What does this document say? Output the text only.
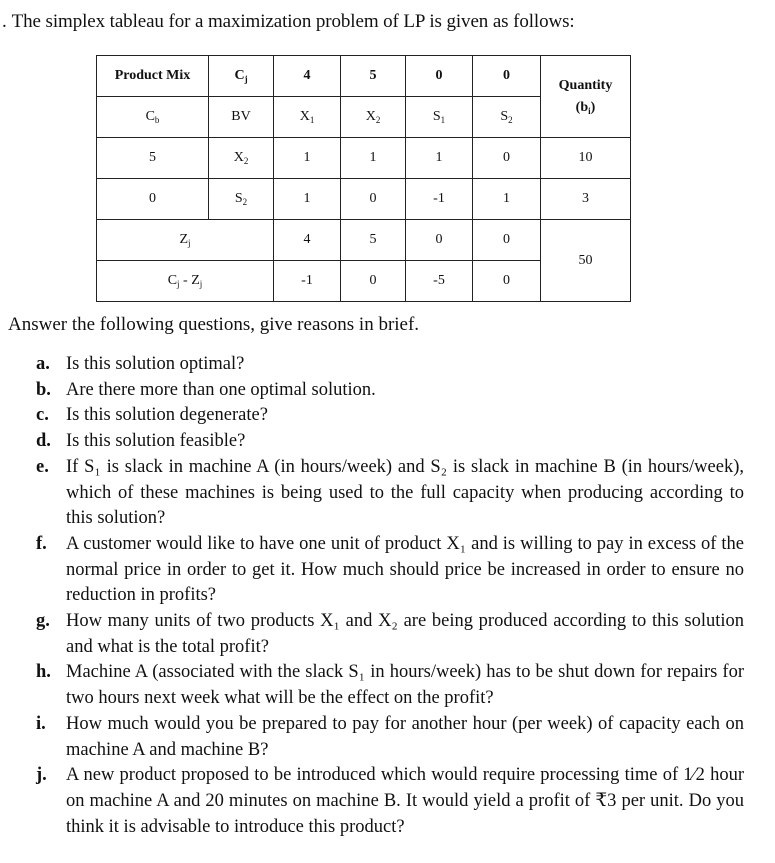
. The simplex tableau for a maximization problem of LP is given as follows:
Product Mix	$C_j$	4	5	0	0	Quantity
$(b_i)$

$C_b$	BV	$X_1$	$X_2$	$S_1$	$S_2$
5	$X_2$	1	1	1	0	10
0	$S_2$	1	0	-1	1	3
$Z_j$		4	5	0	0	50
$C_j - Z_j$		-1	0	-5	0	
Answer the following questions, give reasons in brief.
a. Is this solution optimal?
b. Are there more than one optimal solution.
c. Is this solution degenerate?
d. Is this solution feasible?
e. If S₁ is slack in machine A (in hours/week) and S₂ is slack in machine B (in hours/week), which of these machines is being used to the full capacity when producing according to this solution?
f.	A customer would like to have one unit of product X₁ and is willing to pay in excess of the normal price in order to get it. How much should price be increased in order to ensure no reduction in profits?
g. How many units of two products X₁ and X₂ are being produced according to this solution and what is the total profit?
h. Machine A (associated with the slack S₁ in hours/week) has to be shut down for repairs for two hours next week what will be the effect on the profit?
i.	How much would you be prepared to pay for another hour (per week) of capacity each on machine A and machine B?
j.	A new product proposed to be introduced which would require processing time of 1⁄2 hour on machine A and 20 minutes on machine B. It would yield a profit of ₹3 per unit. Do you think it is advisable to introduce this product?
